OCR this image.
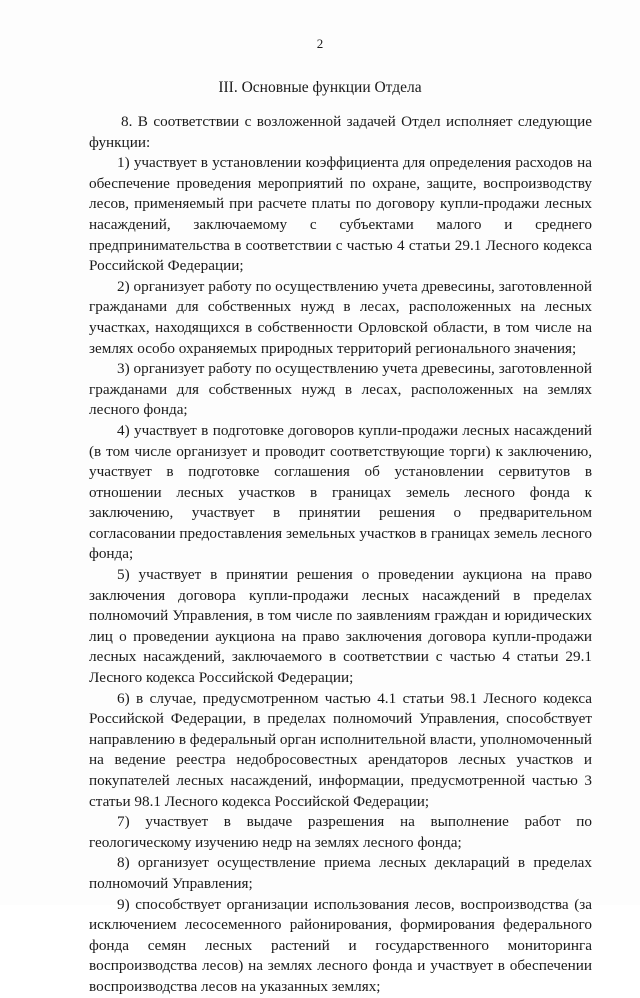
2
III. Основные функции Отдела

8. В соответствии с возложенной задачей Отдел исполняет следующие функции:

1) участвует в установлении коэффициента для определения расходов на обеспечение проведения мероприятий по охране, защите, воспроизводству лесов, применяемый при расчете платы по договору купли-продажи лесных насаждений, заключаемому с субъектами малого и среднего предпринимательства в соответствии с частью 4 статьи 29.1 Лесного кодекса Российской Федерации;

2) организует работу по осуществлению учета древесины, заготовленной гражданами для собственных нужд в лесах, расположенных на лесных участках, находящихся в собственности Орловской области, в том числе на землях особо охраняемых природных территорий регионального значения;

3) организует работу по осуществлению учета древесины, заготовленной гражданами для собственных нужд в лесах, расположенных на землях лесного фонда;

4) участвует в подготовке договоров купли-продажи лесных насаждений (в том числе организует и проводит соответствующие торги) к заключению, участвует в подготовке соглашения об установлении сервитутов в отношении лесных участков в границах земель лесного фонда к заключению, участвует в принятии решения о предварительном согласовании предоставления земельных участков в границах земель лесного фонда;

5) участвует в принятии решения о проведении аукциона на право заключения договора купли-продажи лесных насаждений в пределах полномочий Управления, в том числе по заявлениям граждан и юридических лиц о проведении аукциона на право заключения договора купли-продажи лесных насаждений, заключаемого в соответствии с частью 4 статьи 29.1 Лесного кодекса Российской Федерации;

6) в случае, предусмотренном частью 4.1 статьи 98.1 Лесного кодекса Российской Федерации, в пределах полномочий Управления, способствует направлению в федеральный орган исполнительной власти, уполномоченный на ведение реестра недобросовестных арендаторов лесных участков и покупателей лесных насаждений, информации, предусмотренной частью 3 статьи 98.1 Лесного кодекса Российской Федерации;

7) участвует в выдаче разрешения на выполнение работ по геологическому изучению недр на землях лесного фонда;

8) организует осуществление приема лесных деклараций в пределах полномочий Управления;

9) способствует организации использования лесов, воспроизводства (за исключением лесосеменного районирования, формирования федерального фонда семян лесных растений и государственного мониторинга воспроизводства лесов) на землях лесного фонда и участвует в обеспечении воспроизводства лесов на указанных землях;
